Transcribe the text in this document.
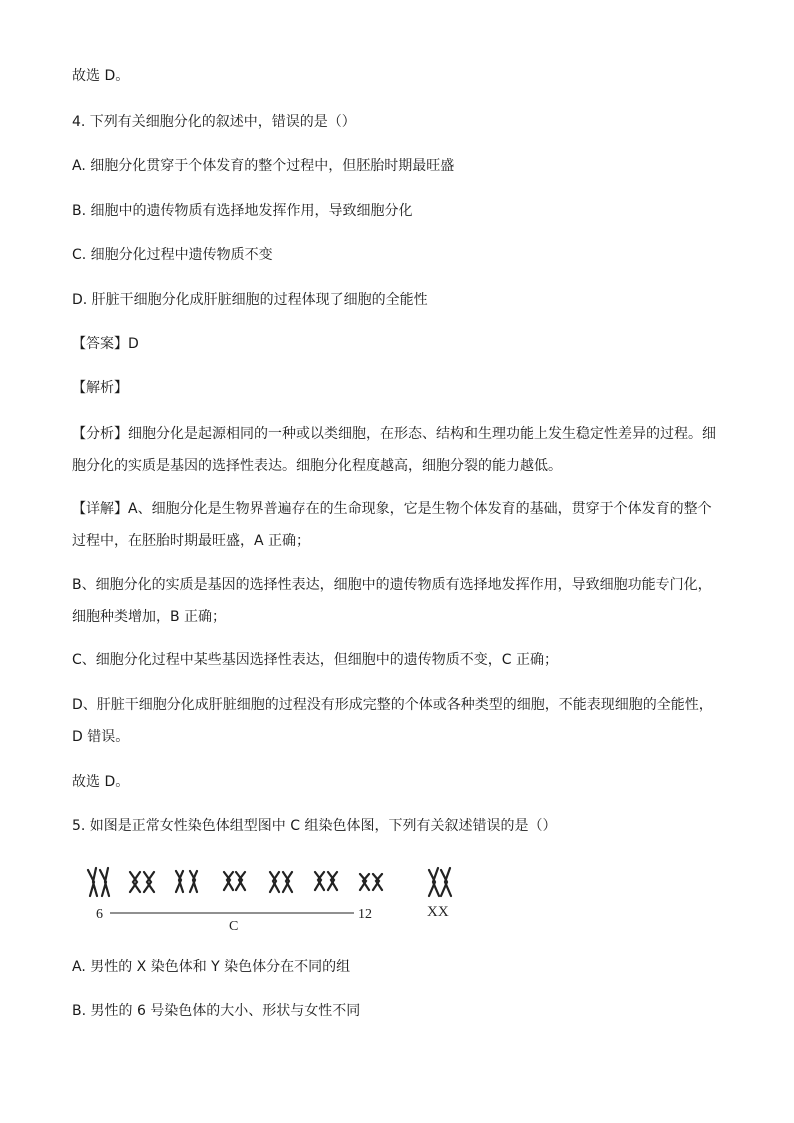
故选 D。
4. 下列有关细胞分化的叙述中，错误的是（）
A. 细胞分化贯穿于个体发育的整个过程中，但胚胎时期最旺盛
B. 细胞中的遗传物质有选择地发挥作用，导致细胞分化
C. 细胞分化过程中遗传物质不变
D. 肝脏干细胞分化成肝脏细胞的过程体现了细胞的全能性
【答案】D
【解析】
【分析】细胞分化是起源相同的一种或以类细胞，在形态、结构和生理功能上发生稳定性差异的过程。细胞分化的实质是基因的选择性表达。细胞分化程度越高，细胞分裂的能力越低。
【详解】A、细胞分化是生物界普遍存在的生命现象，它是生物个体发育的基础，贯穿于个体发育的整个过程中，在胚胎时期最旺盛，A 正确；
B、细胞分化的实质是基因的选择性表达，细胞中的遗传物质有选择地发挥作用，导致细胞功能专门化，细胞种类增加，B 正确；
C、细胞分化过程中某些基因选择性表达，但细胞中的遗传物质不变，C 正确；
D、肝脏干细胞分化成肝脏细胞的过程没有形成完整的个体或各种类型的细胞，不能表现细胞的全能性，D 错误。
故选 D。
5. 如图是正常女性染色体组型图中 C 组染色体图，下列有关叙述错误的是（）
6
C
12	XX
A. 男性的 X 染色体和 Y 染色体分在不同的组
B. 男性的 6 号染色体的大小、形状与女性不同
